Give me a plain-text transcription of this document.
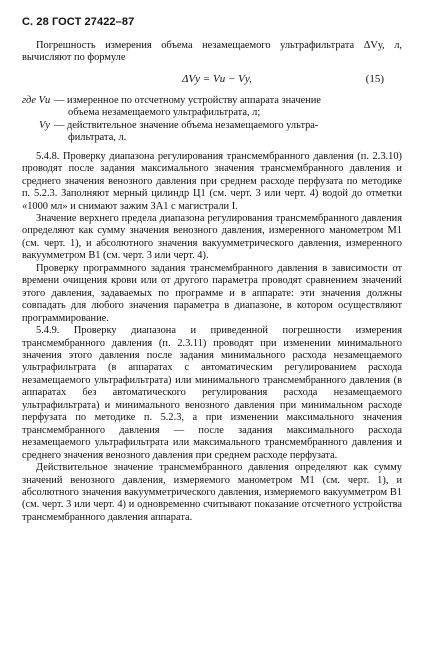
С. 28 ГОСТ 27422–87

Погрешность измерения объема незамещаемого ультрафильтрата ΔVу, л, вычисляют по формуле

ΔVу = Vи − Vу,	(15)
где Vи — измеренное по отсчетному устройству аппарата значение
объема незамещаемого ультрафильтрата, л;
Vу — действительное значение объема незамещаемого ультра-
фильтрата, л.

5.4.8. Проверку диапазона регулирования трансмембранного давления (п. 2.3.10) проводят после задания максимального значения трансмембранного давления и среднего значения венозного давления при среднем расходе перфузата по методике п. 5.2.3. Заполняют мерный цилиндр Ц1 (см. черт. 3 или черт. 4) водой до отметки «1000 мл» и снимают зажим ЗА1 с магистрали I.

Значение верхнего предела диапазона регулирования трансмембранного давления определяют как сумму значения венозного давления, измеренного манометром М1 (см. черт. 1), и абсолютного значения вакуумметрического давления, измеренного вакуумметром В1 (см. черт. 3 или черт. 4).

Проверку программного задания трансмембранного давления в зависимости от времени очищения крови или от другого параметра проводят сравнением значений этого давления, задаваемых по программе и в аппарате: эти значения должны совпадать для любого значения параметра в диапазоне, в котором осуществляют программирование.

5.4.9. Проверку диапазона и приведенной погрешности измерения трансмембранного давления (п. 2.3.11) проводят при изменении минимального значения этого давления после задания минимального расхода незамещаемого ультрафильтрата (в аппаратах с автоматическим регулированием расхода незамещаемого ультрафильтрата) или минимального трансмембранного давления (в аппаратах без автоматического регулирования расхода незамещаемого ультрафильтрата) и минимального венозного давления при минимальном расходе перфузата по методике п. 5.2.3, а при изменении максимального значения трансмембранного давления — после задания максимального расхода незамещаемого ультрафильтрата или максимального трансмембранного давления и среднего значения венозного давления при среднем расходе перфузата.

Действительное значение трансмембранного давления определяют как сумму значений венозного давления, измеряемого манометром М1 (см. черт. 1), и абсолютного значения вакуумметрического давления, измеряемого вакуумметром В1 (см. черт. 3 или черт. 4) и одновременно считывают показание отсчетного устройства трансмембранного давления аппарата.
